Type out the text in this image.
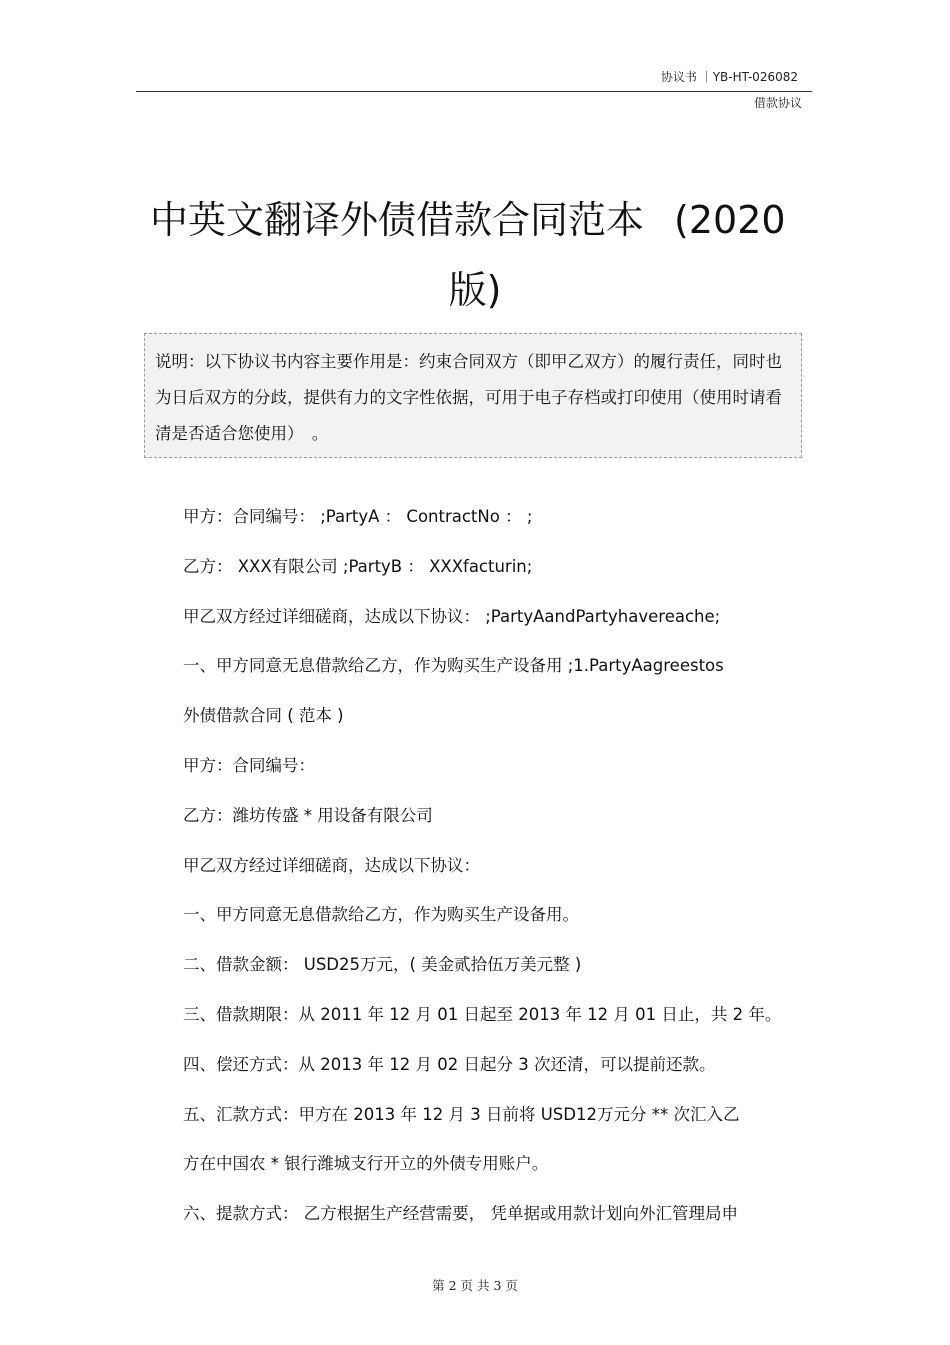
协议书 ｜YB-HT-026082
借款协议
中英文翻译外债借款合同范本 (2020
版)
说明：以下协议书内容主要作用是：约束合同双方（即甲乙双方）的履行责任，同时也为日后双方的分歧，提供有力的文字性依据，可用于电子存档或打印使用（使用时请看清是否适合您使用）　。
甲方：合同编号： ;PartyA ： ContractNo ： ;
乙方： XXX有限公司 ;PartyB ： XXXfacturin;
甲乙双方经过详细磋商，达成以下协议： ;PartyAandPartyhavereache;
一、甲方同意无息借款给乙方，作为购买生产设备用 ;1.PartyAagreestos
外债借款合同 ( 范本 )
甲方：合同编号：
乙方：潍坊传盛 * 用设备有限公司
甲乙双方经过详细磋商，达成以下协议：
一、甲方同意无息借款给乙方，作为购买生产设备用。
二、借款金额： USD25万元，( 美金贰拾伍万美元整 )
三、借款期限：从 2011 年 12 月 01 日起至 2013 年 12 月 01 日止，共 2 年。
四、偿还方式：从 2013 年 12 月 02 日起分 3 次还清，可以提前还款。
五、汇款方式：甲方在 2013 年 12 月 3 日前将 USD12万元分 ** 次汇入乙
方在中国农 * 银行潍城支行开立的外债专用账户。
六、提款方式： 乙方根据生产经营需要， 凭单据或用款计划向外汇管理局申
第 2 页 共 3 页
